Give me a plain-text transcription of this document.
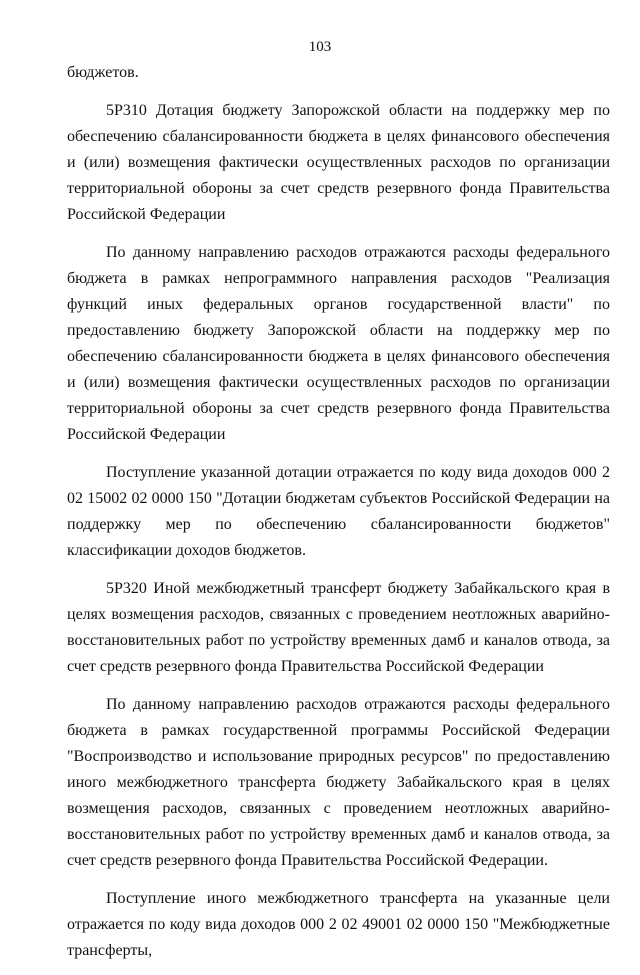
103

бюджетов.

5Р310 Дотация бюджету Запорожской области на поддержку мер по обеспечению сбалансированности бюджета в целях финансового обеспечения и (или) возмещения фактически осуществленных расходов по организации территориальной обороны за счет средств резервного фонда Правительства Российской Федерации

По данному направлению расходов отражаются расходы федерального бюджета в рамках непрограммного направления расходов "Реализация функций иных федеральных органов государственной власти" по предоставлению бюджету Запорожской области на поддержку мер по обеспечению сбалансированности бюджета в целях финансового обеспечения и (или) возмещения фактически осуществленных расходов по организации территориальной обороны за счет средств резервного фонда Правительства Российской Федерации

Поступление указанной дотации отражается по коду вида доходов 000 2 02 15002 02 0000 150 "Дотации бюджетам субъектов Российской Федерации на поддержку мер по обеспечению сбалансированности бюджетов" классификации доходов бюджетов.

5Р320 Иной межбюджетный трансферт бюджету Забайкальского края в целях возмещения расходов, связанных с проведением неотложных аварийно-восстановительных работ по устройству временных дамб и каналов отвода, за счет средств резервного фонда Правительства Российской Федерации

По данному направлению расходов отражаются расходы федерального бюджета в рамках государственной программы Российской Федерации "Воспроизводство и использование природных ресурсов" по предоставлению иного межбюджетного трансферта бюджету Забайкальского края в целях возмещения расходов, связанных с проведением неотложных аварийно-восстановительных работ по устройству временных дамб и каналов отвода, за счет средств резервного фонда Правительства Российской Федерации.

Поступление иного межбюджетного трансферта на указанные цели отражается по коду вида доходов 000 2 02 49001 02 0000 150 "Межбюджетные трансферты,
